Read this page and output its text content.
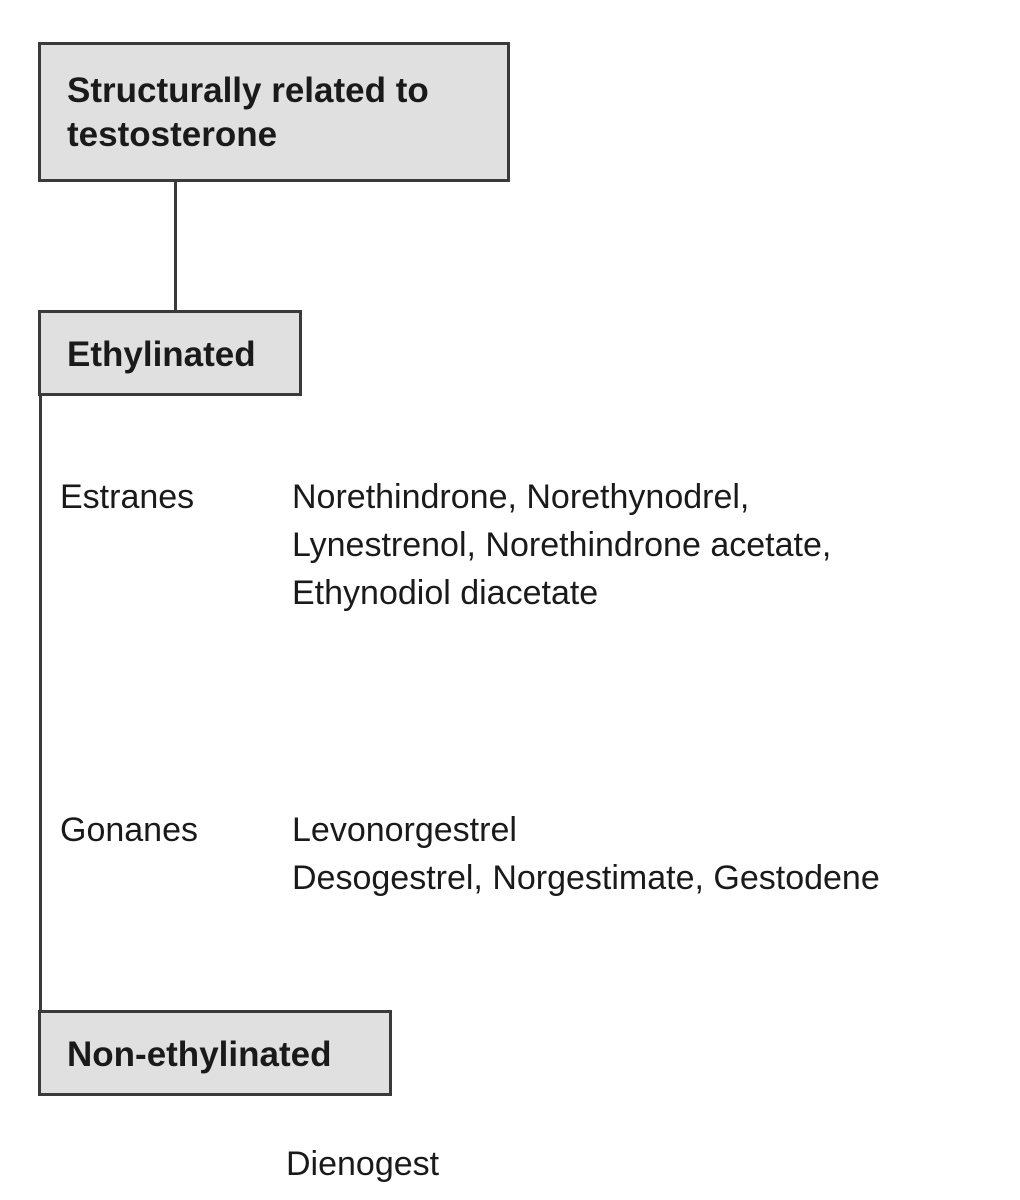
Structurally related to
testosterone
Ethylinated
Estranes	Norethindrone, Norethynodrel,
Lynestrenol, Norethindrone acetate,
Ethynodiol diacetate
Gonanes	Levonorgestrel
Desogestrel, Norgestimate, Gestodene
Non-ethylinated
Dienogest
